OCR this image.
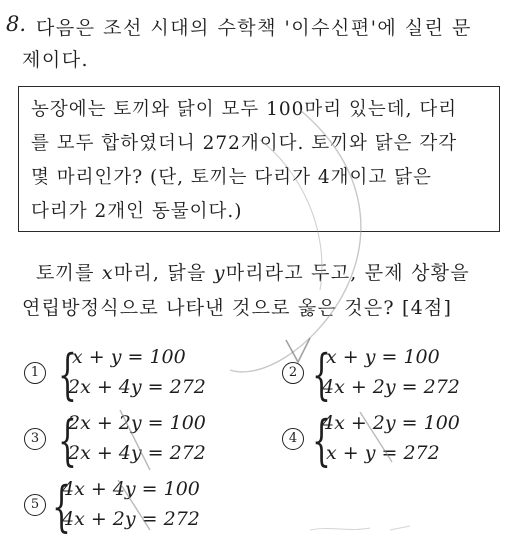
8. 다음은 조선 시대의 수학책 '이수신편'에 실린 문
제이다.
농장에는 토끼와 닭이 모두 100마리 있는데, 다리
를 모두 합하였더니 272개이다. 토끼와 닭은 각각
몇 마리인가? (단, 토끼는 다리가 4개이고 닭은
다리가 2개인 동물이다.)
토끼를 x마리, 닭을 y마리라고 두고, 문제 상황을
연립방정식으로 나타낸 것으로 옳은 것은? [4점]
1 {
x + y = 100
2x + 4y = 272
2 {
x + y = 100
4x + 2y = 272
3 {
2x + 2y = 100
2x + 4y = 272
4 {
4x + 2y = 100
x + y = 272
5 {
4x + 4y = 100
4x + 2y = 272
